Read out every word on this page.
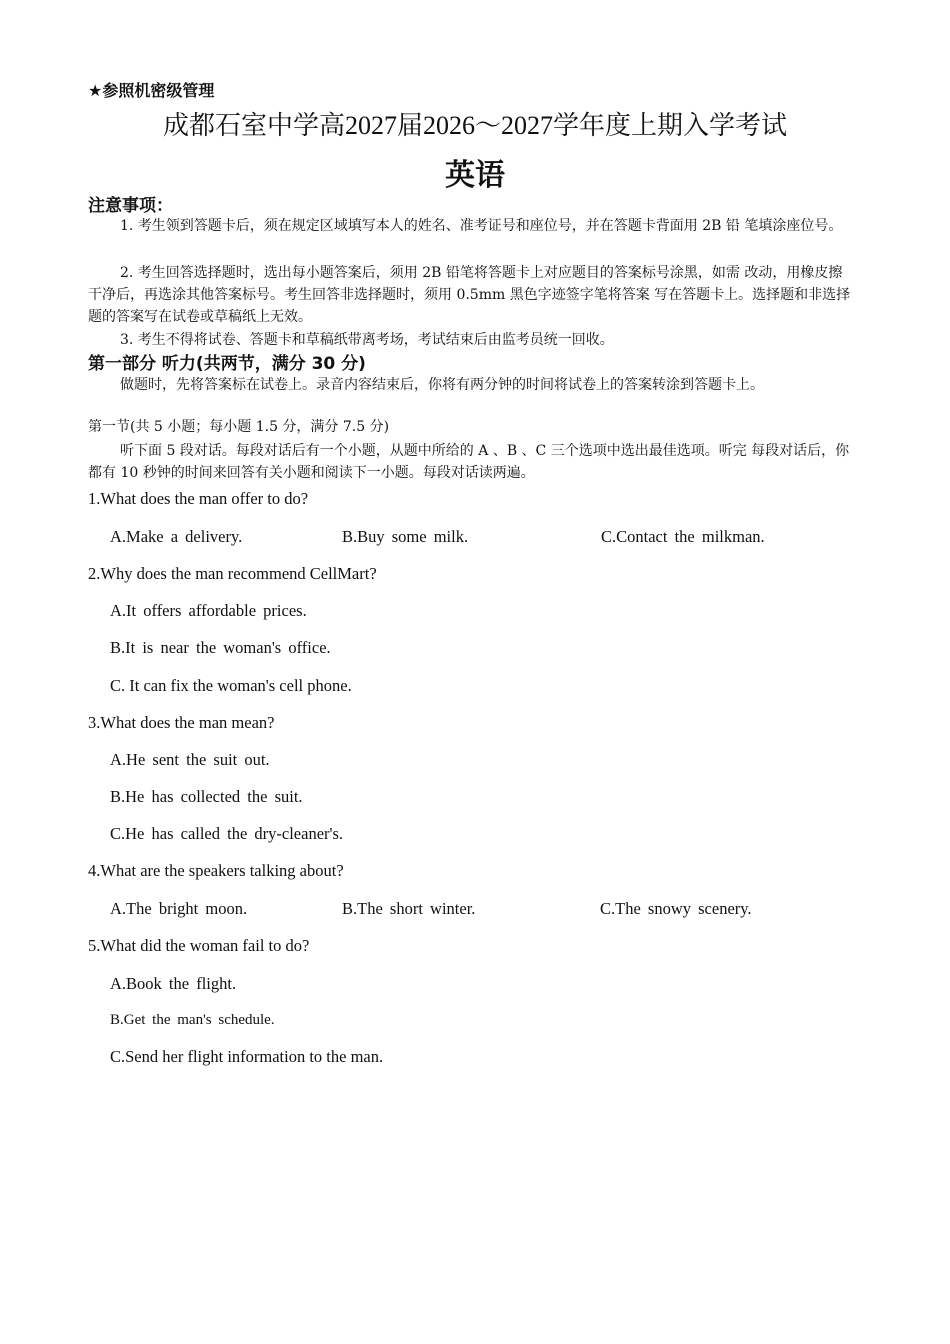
★参照机密级管理
成都石室中学高2027届2026～2027学年度上期入学考试
英语
注意事项：
1. 考生领到答题卡后，须在规定区域填写本人的姓名、准考证号和座位号，并在答题卡背面用 2B 铅 笔填涂座位号。
2. 考生回答选择题时，选出每小题答案后，须用 2B 铅笔将答题卡上对应题目的答案标号涂黑，如需 改动，用橡皮擦干净后，再选涂其他答案标号。考生回答非选择题时，须用 0.5mm 黑色字迹签字笔将答案 写在答题卡上。选择题和非选择题的答案写在试卷或草稿纸上无效。
3. 考生不得将试卷、答题卡和草稿纸带离考场，考试结束后由监考员统一回收。
第一部分 听力(共两节，满分 30 分)
做题时，先将答案标在试卷上。录音内容结束后，你将有两分钟的时间将试卷上的答案转涂到答题卡上。
第一节(共 5 小题；每小题 1.5 分，满分 7.5 分)
听下面 5 段对话。每段对话后有一个小题，从题中所给的 A 、B 、C 三个选项中选出最佳选项。听完 每段对话后，你都有 10 秒钟的时间来回答有关小题和阅读下一小题。每段对话读两遍。
1.What does the man offer to do?
A.Make a delivery.	B.Buy some milk.	C.Contact the milkman.
2.Why does the man recommend CellMart?
A.It offers affordable prices.
B.It is near the woman's office.
C. It can fix the woman's cell phone.
3.What does the man mean?
A.He sent the suit out.
B.He has collected the suit.
C.He has called the dry-cleaner's.
4.What are the speakers talking about?
A.The bright moon.	B.The short winter.	C.The snowy scenery.
5.What did the woman fail to do?
A.Book the flight.
B.Get the man's schedule.
C.Send her flight information to the man.
